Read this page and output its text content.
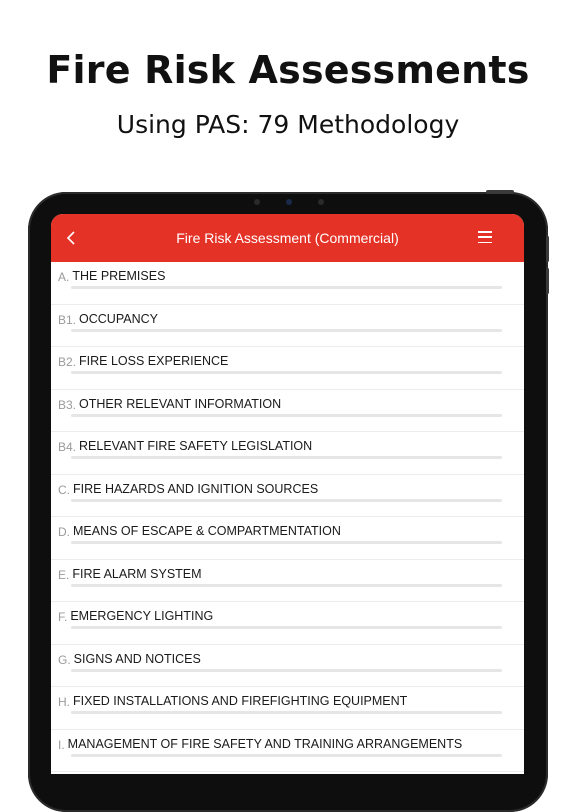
Fire Risk Assessments
Using PAS: 79 Methodology
Fire Risk Assessment (Commercial)
A. THE PREMISES
B1. OCCUPANCY
B2. FIRE LOSS EXPERIENCE
B3. OTHER RELEVANT INFORMATION
B4. RELEVANT FIRE SAFETY LEGISLATION
C. FIRE HAZARDS AND IGNITION SOURCES
D. MEANS OF ESCAPE & COMPARTMENTATION
E. FIRE ALARM SYSTEM
F. EMERGENCY LIGHTING
G. SIGNS AND NOTICES
H. FIXED INSTALLATIONS AND FIREFIGHTING EQUIPMENT
I. MANAGEMENT OF FIRE SAFETY AND TRAINING ARRANGEMENTS
